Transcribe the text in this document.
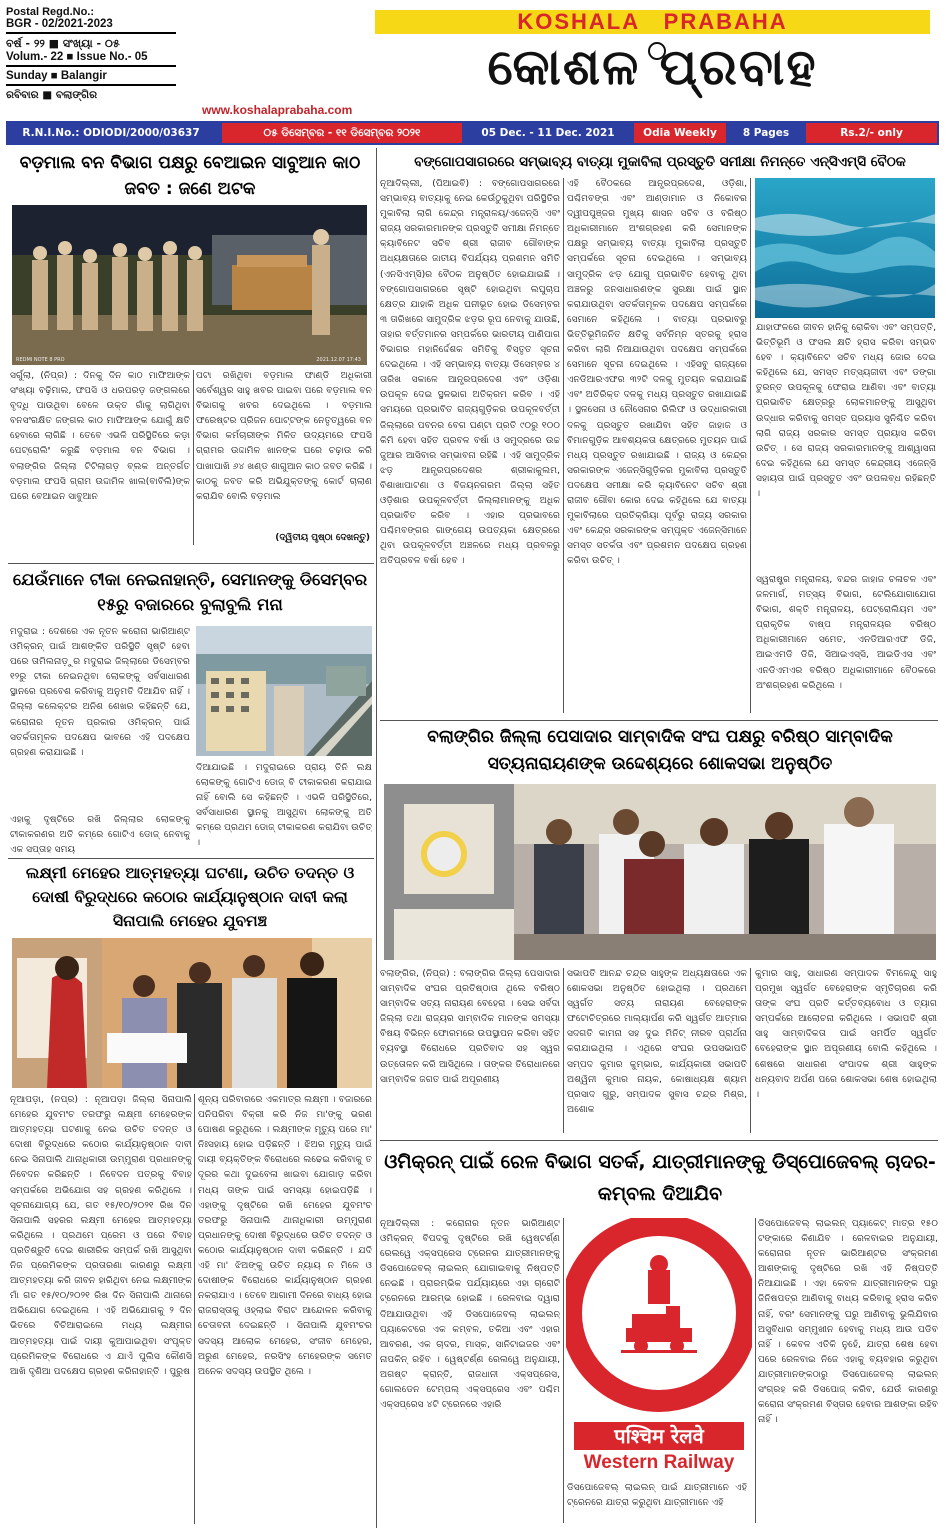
Postal Regd.No.:
BGR - 02/2021-2023
ବର୍ଷ - ୨୨ ■ ସଂଖ୍ୟା - ୦୫
Volum.- 22 ■ Issue No.- 05
Sunday ■ Balangir
ରବିବାର ■ ବଲାଙ୍ଗିର
KOSHALA   PRABAHA
କୋଶଳ ପ୍ରବାହ
www.koshalaprabaha.com
R.N.I.No.: ODIODI/2000/03637	୦୫ ଡିସେମ୍ବର - ୧୧ ଡିସେମ୍ବର ୨୦୨୧	05 Dec. - 11 Dec. 2021	Odia Weekly	8 Pages	Rs.2/- only
ବଡ଼ମାଲ ବନ ବିଭାଗ ପକ୍ଷରୁ ବେଆଇନ ସାବୁଆନ କାଠ ଜବତ : ଜଣେ ଅଟକ
REDMI NOTE 8 PRO	2021.12.07 17:43
ସର୍ଗୁଲା, (ନିପ୍ର) : ଦିନକୁ ଦିନ କାଠ ମାଫିଆଙ୍କ ସଂଖ୍ୟା ବଢ଼ିମାଲ, ଫପସି ଓ ଧରପରଡ଼ ଜଙ୍ଗଲରେ ବୃଦ୍ଧି ପାଉଥିବା ବେଳେ ଉକ୍ତ ଗାଁକୁ ଲାଗିଥିବା ବନସଂରକ୍ଷିତ ଜଙ୍ଗଲ କାଠ ମାଫିଆଙ୍କ ଯୋଗୁଁ କ୍ଷତି ହେବାରେ ଲାଗିଛି । ତେବେ ଏଭଳି ପରିସ୍ଥିତିରେ କଡ଼ା ପେଟ୍ରୋଲିଂ କରୁଛି ବଡ଼ମାଲ ବନ ବିଭାଗ । ବଲାଙ୍ଗିର ଜିଲ୍ଲା ଟିଟିଲାଗଡ଼ ବ୍ଲକ ଅନ୍ତର୍ଗତ ବଡ଼ମାଲ ଫପସି ଗ୍ରାମ ଉଦ୍ଦାମିଳ ଖାଲ(ବାବିଲି)ଙ୍କ ଘରେ ବେଆଇନ ସାବୁଆନ
ପଟା ରଖିଥିବା ବଡ଼ମାଲ ଫାଣ୍ଡି ଅଧିକାରୀ ସର୍ବେଶ୍ୱର ସାହୁ ଖବର ପାଇବା ପରେ ବଡ଼ମାଲ ବନ ବିଭାଗକୁ ଖବର ଦେଇଥିଲେ । ବଡ଼ମାଲ ଫରେଷ୍ଟର ପ୍ରିଜନ ପୋଟ୍ଟଙ୍କ ନେତୃତ୍ୱରେ ବନ ବିଭାଗ କର୍ମଚାରୀଙ୍କ ମିଳିତ ଉଦ୍ୟମରେ ଫପସି ଗ୍ରାମର ଉଦ୍ଦାମିଳ ଖାନଙ୍କ ଘରେ ଚଢ଼ାଉ କରି ପାଖାପାଖି ୬୪ ଖଣ୍ଡ ଶାଗୁଆନ କାଠ ଜବତ କରିଛି । କାଠକୁ ଜବତ କରି ଅଭିଯୁକ୍ତଙ୍କୁ କୋର୍ଟ ଚାଲାଣ କରାଯିବ ବୋଲି ବଡ଼ମାଲ
(ଦ୍ୱିତୀୟ ପୃଷ୍ଠା ଦେଖନ୍ତୁ)
ଯେଉଁମାନେ ଟୀକା ନେଇନାହାନ୍ତି, ସେମାନଙ୍କୁ ଡିସେମ୍ବର ୧୫ରୁ ବଜାରରେ ବୁଲାବୁଲି ମନା
ମଦୁରାଇ : ଦେଶରେ ଏକ ନୂତନ କରୋନା ଭାରିଆଣ୍ଟ ଓମିକ୍ରନ୍ ପାଇଁ ଆଶଙ୍କିତ ପରିସ୍ଥିତି ସୃଷ୍ଟି ହେବା ପରେ ତାମିଲନାଡ଼ୁର ମଦୁରାଇ ଜିଲ୍ଲାରେ ଡିସେମ୍ବର ୧୨ରୁ ଟୀକା ନେଇନଥିବା ଲୋକଙ୍କୁ ସର୍ବସାଧାରଣ ସ୍ଥାନରେ ପ୍ରବେଶ କରିବାକୁ ଅନୁମତି ଦିଆଯିବ ନାହିଁ । ଜିଲ୍ଲା କଲେକ୍ଟର ଅନିଶ ଶେଖର କହିଛନ୍ତି ଯେ, କରୋନାର ନୂତନ ପ୍ରକାର ଓମିକ୍ରନ୍ ପାଇଁ ସତର୍କତାମୂଳକ ପଦକ୍ଷେପ ଭାବରେ ଏହି ପଦକ୍ଷେପ ଗ୍ରହଣ କରାଯାଇଛି ।
ଦିଆଯାଇଛି । ମଦୁରାଇରେ ପ୍ରାୟ ତିନି ଲକ୍ଷ ଲୋକଙ୍କୁ ଗୋଟିଏ ଡୋଜ୍ ବି ଟୀକାକରଣ କରାଯାଇ ନାହିଁ ବୋଲି ସେ କହିଛନ୍ତି । ଏଭଳି ପରିସ୍ଥିତିରେ, ସର୍ବସାଧାରଣ ସ୍ଥାନକୁ ଆସୁଥିବା ଲୋକଙ୍କୁ ଅତି କମ୍‌ରେ ପ୍ରଥମ ଡୋଜ୍ ଟୀକାକରଣ କରାଯିବା ଉଚିତ୍ ।
ଏହାକୁ ଦୃଷ୍ଟିରେ ରଖି ଜିଲ୍ଲାର ଲୋକଙ୍କୁ ଟୀକାକରଣର ଅତି କମ୍‌ରେ ଗୋଟିଏ ଡୋଜ୍ ନେବାକୁ ଏକ ସପ୍ତାହ ସମୟ
ଲକ୍ଷ୍ମୀ ମେହେର ଆତ୍ମହତ୍ୟା ଘଟଣା, ଉଚିତ ତଦନ୍ତ ଓ ଦୋଷୀ ବିରୁଦ୍ଧରେ କଠୋର କାର୍ଯ୍ୟାନୁଷ୍ଠାନ ଦାବୀ କଲା ସିନାପାଲି ମେହେର ଯୁବମଞ୍ଚ
ନୂଆପଡ଼ା, (ନପ୍ର) : ନୂଆପଡ଼ା ଜିଲ୍ଲା ସିନାପାଲି ମେହେର ଯୁବମଂଚ ତରଫରୁ ଲକ୍ଷ୍ମୀ ମେହେରଙ୍କ ଆତ୍ମହତ୍ୟା ଘଟଣାକୁ ନେଇ ଉଚିତ ତଦନ୍ତ ଓ ଦୋଷୀ ବିରୁଦ୍ଧରେ କଠୋର କାର୍ଯ୍ୟାନୁଷ୍ଠାନ ଦାବୀ ନେଇ ସିନାପାଲି ଥାନାଧିକାରୀ ଉମ୍ମୁରାଣ ପ୍ରଧାନଙ୍କୁ ନିବେଦନ କରିଛନ୍ତି । ନିବେଦନ ପତ୍ରକୁ ବିବାହ ସମ୍ପର୍କରେ ଅଭିଯୋଗ ସହ ଗ୍ରହଣ କରିଥିଲେ । ସୂଚନାଯୋଗ୍ୟ ଯେ, ଗତ ୧୫/୧୦/୨୦୨୧ ରିଖ ଦିନ ସିନାପାଲି ସହରର ଲକ୍ଷ୍ମୀ ମେହେର ଆତ୍ମହତ୍ୟା କରିଥିଲେ । ପ୍ରଥମେ ପ୍ରେମ ଓ ପରେ ବିବାହ ପ୍ରତିଶ୍ରୁତି ଦେଇ ଶାରୀରିକ ସମ୍ପର୍କ ରଖି ଆସୁଥିବା ନିଜ ପ୍ରେମିକଙ୍କ ପ୍ରତାରଣା କାରଣରୁ ଲକ୍ଷ୍ମୀ ଆତ୍ମହତ୍ୟା କରି ଜୀବନ ହାରିଥିବା ନେଇ ଲକ୍ଷ୍ମୀଙ୍କ ମାଁ ଗତ ୧୫/୧୦/୨୦୨୧ ରିଖ ଦିନ ସିନାପାଲି ଥାନାରେ ଅଭିଯୋଗ ଦେଇଥିଲେ । ଏହି ଅଭିଯୋଗକୁ ୨ ଦିନ ଭିତରେ ବିଚିଆରାଇଲେ ମଧ୍ୟ ଲକ୍ଷ୍ମୀର ଆତ୍ମହତ୍ୟା ପାଇଁ ଦାୟୀ କୁଆପାଇଥିବା ସଂପୃକ୍ତ ପ୍ରେମିକଙ୍କ ବିରୋଧରେ ଏ ଯାଏଁ ପୁଲିସ କୌଣସି ଆଖି ଦୃଶିଆ ପଦକ୍ଷେପ ଗ୍ରହଣ କରିନାହାନ୍ତି । ପୁରୁଷ
ଶୂନ୍ୟ ପରିବାରରେ ଏକମାତ୍ର ଲକ୍ଷ୍ମୀ । ବଜାରରେ ପନିପରିବା ବିକ୍ରୀ କରି ନିଜ ମା'ଙ୍କୁ ଭରଣ ପୋଷଣ କରୁଥିଲେ । ଲକ୍ଷ୍ମୀଙ୍କ ମୃତ୍ୟୁ ପରେ ମା' ନିଃସହାୟ ହୋଇ ପଡ଼ିଛନ୍ତି । ଝିଅର ମୃତ୍ୟୁ ପାଇଁ ଦାୟୀ ବ୍ୟକ୍ତିଙ୍କ ବିରୋଧରେ ଲଢେଇ କରିବାକୁ ତ ଦୂରର କଥା ଦୁଇବେଳା ଖାଇବା ଯୋଗାଡ଼ କରିବା ମଧ୍ୟ ତାଙ୍କ ପାଇଁ ସମସ୍ୟା ହୋଇପଡ଼ିଛି । ଏହାଙ୍କୁ ଦୃଷ୍ଟିରେ ରଖି ମେହେର ଯୁବମଂଚ ତରଫରୁ ସିନାପାଲି ଥାନାଧିକାରୀ ଉମ୍ମୁରାଣ ପ୍ରଧାନଙ୍କୁ ଦୋଷୀ ବିରୁଦ୍ଧରେ ଉଚିତ ତଦନ୍ତ ଓ କଠୋର କାର୍ଯ୍ୟାନୁଷ୍ଠାନ ଦାବୀ କରିଛନ୍ତି । ଯଦି ଏହି ମା' ଝିଅଙ୍କୁ ଉଚିତ ନ୍ୟାୟ ନ ମିଳେ ଓ ଦୋଷୀଙ୍କ ବିରୋଧରେ କାର୍ଯ୍ୟାନୁଷ୍ଠାନ ଗ୍ରହଣ ନକରାଯାଏ । ତେବେ ଆଗାମୀ ଦିନରେ ବାଧ୍ୟ ହୋଇ ରାଜରାସ୍ତାକୁ ଓହ୍ଲାଇ ବିରାଟ ଆନ୍ଦୋଳନ କରିବାକୁ ଚେତାବନୀ ଦେଇଛନ୍ତି । ସିନାପାଲି ଯୁବମଂଚର ସଦସ୍ୟ ଆଲୋକ ମେହେର, ସଂଜୀବ ମେହେର, ଅରୁଣ ମେହେର, ନରସିଂହ ମେହେରଙ୍କ ସମେତ ଅନେକ ସଦସ୍ୟ ଉପସ୍ଥିତ ଥିଲେ ।
ବଙ୍ଗୋପସାଗରରେ ସମ୍ଭାବ୍ୟ ବାତ୍ୟା ମୁକାବିଲା ପ୍ରସ୍ତୁତି ସମୀକ୍ଷା ନିମନ୍ତେ ଏନ୍‌ସିଏମ୍‌ସି ବୈଠକ
ନୂଆଦିଲ୍ଲୀ, (ପିଆଇବି) : ବଙ୍ଗୋପସାଗରରେ ସମ୍ଭାବ୍ୟ ବାତ୍ୟାକୁ ନେଇ କେଉଁଠୁକୁଥିବା ପରିସ୍ଥିତିର ମୁକାବିଲା ଲାଗି କେନ୍ଦ୍ର ମନ୍ତ୍ରାଳୟ/ଏଜେନ୍ସି ଏବଂ ରାଜ୍ୟ ସରକାରମାନଙ୍କ ପ୍ରସ୍ତୁତି ସମୀକ୍ଷା ନିମନ୍ତେ କ୍ୟାବିନେଟ ସଚିବ ଶ୍ରୀ ରାଜୀବ ଗୌବାଙ୍କ ଅଧ୍ୟକ୍ଷତାରେ ଜାତୀୟ ବିପର୍ଯ୍ୟୟ ପ୍ରଶମନ ସମିତି (ଏନସିଏମ୍‌ସି)ର ବୈଠକ ଅନୁଷ୍ଠିତ ହୋଇଯାଇଛି । ବଙ୍ଗୋପସାଗରରେ ସୃଷ୍ଟି ହୋଇଥିବା ଲଘୁଚାପ କ୍ଷେତ୍ର ଯାହାକି ଅଧିକ ଘନୀଭୂତ ହୋଇ ଡିସେମ୍ବର ୩ ତାରିଖରେ ସାମୁଦ୍ରିକ ଝଡ଼ର ରୂପ ନେବାକୁ ଯାଉଛି, ତାହାର ବର୍ତ୍ତମାନର ସମ୍ପର୍କରେ ଭାରତୀୟ ପାଣିପାଗ ବିଭାଗର ମହାନିର୍ଦ୍ଦେଶକ ସମିତିକୁ ବିସ୍ତୃତ ସୂଚନା ଦେଇଥିଲେ । ଏହି ସମ୍ଭାବ୍ୟ ବାତ୍ୟା ଡିସେମ୍ବର ୪ ତାରିଖ ସକାଳେ ଆନ୍ଧ୍ରପ୍ରଦେଶ ଏବଂ ଓଡ଼ିଶା ଉପକୂଳ ଦେଇ ସ୍ଥଳଭାଗ ଅତିକ୍ରମ କରିବ । ଏହି ସମୟରେ ପ୍ରଭାବିତ ରାଜ୍ୟଗୁଡ଼ିକର ଉପକୂଳବର୍ତ୍ତୀ ଜିଲ୍ଲାରେ ପବନର ବେଗ ଘଣ୍ଟା ପ୍ରତି ୯୦ରୁ ୧୦୦ କିମି ହେବା ସହିତ ପ୍ରବଳ ବର୍ଷା ଓ ସମୁଦ୍ରରେ ଉଚ୍ଚ ଜୁଆର ଆସିବାର ସମ୍ଭାବନା ରହିଛି । ଏହି ସାମୁଦ୍ରିକ ଝଡ଼ ଆନ୍ଧ୍ରପ୍ରଦେଶର ଶ୍ରୀକାକୁଲମ, ବିଶାଖାପାଟଣା ଓ ବିଜୟନଗରମ ଜିଲ୍ଲା ସହିତ ଓଡ଼ିଶାର ଉପକୂଳବର୍ତ୍ତୀ ଜିଲ୍ଲାମାନଙ୍କୁ ଅଧିକ ପ୍ରଭାବିତ କରିବ । ଏହାର ପ୍ରଭାବରେ ପଶ୍ଚିମବଙ୍ଗର ଗାଙ୍ଗେୟ ଉପତ୍ୟକା କ୍ଷେତ୍ରରେ ଥିବା ଉପକୂଳବର୍ତ୍ତୀ ଅଞ୍ଚଳରେ ମଧ୍ୟ ପ୍ରବଳରୁ ଅତିପ୍ରବଳ ବର୍ଷା ହେବ ।
ଏହି ବୈଠକରେ ଆନ୍ଧ୍ରପ୍ରଦେଶ, ଓଡ଼ିଶା, ପଶ୍ଚିମବଙ୍ଗ ଏବଂ ଆଣ୍ଡାମାନ ଓ ନିକୋବର ଦ୍ୱୀପପୁଞ୍ଜର ମୁଖ୍ୟ ଶାସନ ସଚିବ ଓ ବରିଷ୍ଠ ଅଧିକାରୀମାନେ ଅଂଶଗ୍ରହଣ କରି ସେମାନଙ୍କ ପକ୍ଷରୁ ସମ୍ଭାବ୍ୟ ବାତ୍ୟା ମୁକାବିଲା ପ୍ରସ୍ତୁତି ସମ୍ପର୍କରେ ସୂଚନା ଦେଇଥିଲେ । ସମ୍ଭାବ୍ୟ ସାମୁଦ୍ରିକ ଝଡ଼ ଯୋଗୁ ପ୍ରଭାବିତ ହେବାକୁ ଥିବା ଅଞ୍ଚଳରୁ ଜନସାଧାରଣଙ୍କ ସୁରକ୍ଷା ପାଇଁ ସ୍ଥାନ କରାଯାଉଥିବା ସତର୍କତାମୂଳକ ପଦକ୍ଷେପ ସମ୍ପର୍କରେ ସେମାନେ କହିଥିଲେ । ବାତ୍ୟା ପ୍ରଭାବରୁ ଭିତ୍ତିଭୂମିଜନିତ କ୍ଷତିକୁ ସର୍ବନିମ୍ନ ସ୍ତରକୁ ହ୍ରାସ କରିବା ଲାଗି ନିଆଯାଉଥିବା ପଦକ୍ଷେପ ସମ୍ପର୍କରେ ସେମାନେ ସୂଚନା ଦେଇଥିଲେ । ଏହିସବୁ ରାଜ୍ୟରେ ଏନଡିଆରଏଫର ୩୨ଟି ଦଳକୁ ମୁତୟନ କରାଯାଇଛି ଏବଂ ଅତିରିକ୍ତ ଦଳକୁ ମଧ୍ୟ ପ୍ରସ୍ତୁତ ରଖାଯାଇଛି । ସ୍ଥଳସେନା ଓ ନୌସେନାର ରିଲିଫ ଓ ଉଦ୍ଧାରକାରୀ ଦଳକୁ ପ୍ରସ୍ତୁତ ରଖାଯିବା ସହିତ ଜାହାଜ ଓ ବିମାନଗୁଡ଼ିକ ଆବଶ୍ୟକତା କ୍ଷେତ୍ରରେ ମୁତୟନ ପାଇଁ ମଧ୍ୟ ପ୍ରସ୍ତୁତ ରଖାଯାଇଛି । ରାଜ୍ୟ ଓ କେନ୍ଦ୍ର ସରକାରଙ୍କ ଏଜେନ୍ସିଗୁଡ଼ିକର ମୁକାବିଲା ପ୍ରସ୍ତୁତି ପଦକ୍ଷେପ ସମୀକ୍ଷା କରି କ୍ୟାବିନେଟ ସଚିବ ଶ୍ରୀ ରାଜୀବ ଗୌବା କୋର ଦେଇ କହିଥିଲେ ଯେ ବାତ୍ୟା ମୁକାବିଲାରେ ପ୍ରତିକ୍ରିୟା ପୂର୍ବରୁ ରାଜ୍ୟ ସରକାର ଏବଂ କେନ୍ଦ୍ର ସରକାରଙ୍କ ସମ୍ପୃକ୍ତ ଏଜେନ୍ସିମାନେ ସମସ୍ତ ସତର୍କତା ଏବଂ ପ୍ରଶମନ ପଦକ୍ଷେପ ଗ୍ରହଣ କରିବା ଉଚିତ୍ ।
ଯାହାଫଳରେ ଜୀବନ ହାନିକୁ ରୋକିବା ଏବଂ ସମ୍ପତ୍ତି, ଭିତ୍ତିଭୂମି ଓ ଫସଲ କ୍ଷତି ହ୍ରାସ କରିବା ସମ୍ଭବ ହେବ । କ୍ୟାବିନେଟ ସଚିବ ମଧ୍ୟ ଜୋର ଦେଇ କହିଥିଲେ ଯେ, ସମସ୍ତ ମତ୍ସ୍ୟଜୀବୀ ଏବଂ ଡଙ୍ଗା ତୁରନ୍ତ ଉପକୂଳକୁ ଫେରାଇ ଆଣିବା ଏବଂ ବାତ୍ୟା ପ୍ରଭାବିତ କ୍ଷେତ୍ରରୁ ଲୋକମାନଙ୍କୁ ଆସୁଥିବା ଉଦ୍ଧାର କରିବାକୁ ସମସ୍ତ ପ୍ରୟାସ ସୁନିଶ୍ଚିତ କରିବା ଲାଗି ରାଜ୍ୟ ସରକାର ସମସ୍ତ ପ୍ରୟାସ କରିବା ଉଚିତ୍ । ସେ ରାଜ୍ୟ ସରକାରମାନଙ୍କୁ ଆଶ୍ୱାସନା ଦେଇ କହିଥିଲେ ଯେ ସମସ୍ତ କେନ୍ଦ୍ରୀୟ ଏଜେନ୍ସି ସହାୟତା ପାଇଁ ପ୍ରସ୍ତୁତ ଏବଂ ଉପଲବ୍ଧ ରହିଛନ୍ତି ।
ସ୍ୱରାଷ୍ଟ୍ର ମନ୍ତ୍ରାଳୟ, ବନ୍ଦର ଜାହାଜ ଚଳାଚଳ ଏବଂ ଜଳମାର୍ଗ, ମତ୍ସ୍ୟ ବିଭାଗ, ଟେଲିଯୋଗାଯୋଗ ବିଭାଗ, ଶକ୍ତି ମନ୍ତ୍ରାଳୟ, ପେଟ୍ରୋଲିୟମ ଏବଂ ପ୍ରାକୃତିକ ବାଷ୍ପ ମନ୍ତ୍ରାଳୟର ବରିଷ୍ଠ ଅଧିକାରୀମାନେ ସମେତ, ଏନଡିଆରଏଫ ଡିଜି, ଆଇଏମଡି ଡିଜି, ସିଆଇଏସ୍‌ସି, ଆଇଡିଏସ ଏବଂ ଏନଡିଏମଏର ବରିଷ୍ଠ ଅଧିକାରୀମାନେ ବୈଠକରେ ଅଂଶଗ୍ରହଣ କରିଥିଲେ ।
ବଲାଙ୍ଗିର ଜିଲ୍ଲା ପେସାଦାର ସାମ୍ବାଦିକ ସଂଘ ପକ୍ଷରୁ ବରିଷ୍ଠ ସାମ୍ବାଦିକ ସତ୍ୟନାରାୟଣଙ୍କ ଉଦ୍ଦେଶ୍ୟରେ ଶୋକସଭା ଅନୁଷ୍ଠିତ
ବଲାଙ୍ଗିର, (ନିପ୍ର) : ବଲାଙ୍ଗିର ଜିଲ୍ଲା ପେସାଦାର ସାମ୍ବାଦିକ ସଂଘର ପ୍ରତିଷ୍ଠାତା ଥିଲେ ବରିଷ୍ଠ ସାମ୍ବାଦିକ ସତ୍ୟ ନାରାୟଣ ବେହେରା । ସେଇ ସର୍ବଦା ଜିଲ୍ଲା ତଥା ରାଜ୍ୟର ସାମ୍ବାଦିକ ମାନଙ୍କ ସମସ୍ୟା ବିଷୟ ବିଭିନ୍ନ ଫୋରମରେ ଉପସ୍ଥାପନ କରିବା ସହିତ ବ୍ୟବସ୍ଥା ବିରୋଧରେ ପ୍ରତିବାଦ ସହ ସ୍ୱର ଉତ୍ତୋଳନ କରି ଆସିଥିଲେ । ତାଙ୍କର ତିରୋଧାନରେ ସାମ୍ବାଦିକ ଜଗତ ପାଇଁ ଅପୂରଣୀୟ
ସଭାପତି ଆନନ୍ଦ ଚନ୍ଦ୍ର ସାହୁଙ୍କ ଅଧ୍ୟକ୍ଷତାରେ ଏକ ଶୋକସଭା ଅନୁଷ୍ଠିତ ହୋଇଥିଲା । ପ୍ରଥମେ ସ୍ୱର୍ଗତ ସତ୍ୟ ନାରାୟଣ ବେହେରାଙ୍କ ଫଟୋଚିତ୍ରରେ ମାଲ୍ୟାର୍ପଣ କରି ସ୍ୱର୍ଗତ ଆତ୍ମାର ସଦଗତି କାମନା ସହ ଦୁଇ ମିନିଟ୍ ନୀରବ ପ୍ରାର୍ଥନା କରାଯାଇଥିଲା । ଏଥିରେ ସଂଘର ଉପସଭାପତି ସମ୍ପଦ କୁମାର କୁମ୍ଭାର, କାର୍ଯ୍ୟକାରୀ ସଭାପତି ଅଶ୍ୱିନୀ କୁମାର ନାୟକ, କୋଷାଧ୍ୟକ୍ଷ ଶ୍ୟାମ ପ୍ରସାଦ ଗୁରୁ, ସମ୍ପାଦକ ସୁବାସ ଚନ୍ଦ୍ର ମିଶ୍ର, ଅଶୋକ
କୁମାର ସାହୁ, ସାଧାରଣ ସମ୍ପାଦକ ବିମଳେନ୍ଦୁ ସାହୁ ପ୍ରମୁଖ ସ୍ୱର୍ଗତ ବେହେରାଙ୍କ ସ୍ମୃତିଚାରଣ କରି ତାଙ୍କ ସଂଘ ପ୍ରତି କର୍ତ୍ତବ୍ୟବୋଧ ଓ ତ୍ୟାଗ ସମ୍ପର୍କରେ ଆଲୋଚନା କରିଥିଲେ । ସଭାପତି ଶ୍ରୀ ସାହୁ ସାମ୍ବାଦିକତା ପାଇଁ ସମର୍ପିତ ସ୍ୱର୍ଗତ ବେହେରାଙ୍କ ସ୍ଥାନ ଅପୂରଣୀୟ ବୋଲି କହିଥିଲେ । ଶେଷରେ ସାଧାରଣ ସଂପାଦକ ଶ୍ରୀ ସାହୁଙ୍କ ଧନ୍ୟବାଦ ଅର୍ପଣ ପରେ ଶୋକସଭା ଶେଷ ହୋଇଥିଲା ।
ଓମିକ୍ରନ୍ ପାଇଁ ରେଳ ବିଭାଗ ସତର୍କ, ଯାତ୍ରୀମାନଙ୍କୁ ଡିସ୍‌ପୋଜେବଲ୍ ଚାଦର-କମ୍ବଲ ଦିଆଯିବ
ନୂଆଦିଲ୍ଲୀ : କରୋନାର ନୂତନ ଭାରିଆଣ୍ଟ ଓମିକ୍ରନ୍ ବିପଦକୁ ଦୃଷ୍ଟିରେ ରଖି ୱେଷ୍ଟର୍ଣ୍ଣ ରେଲୱେ ଏକ୍ସପ୍ରେସ ଟ୍ରେନର ଯାତ୍ରୀମାନଙ୍କୁ ଡିସପୋଜେବଲ୍ ଲାଇଲନ୍ ଯୋଗାଇବାକୁ ନିଷ୍ପତ୍ତି ନେଇଛି । ପ୍ରାରମ୍ଭିକ ପର୍ଯ୍ୟାୟରେ ଏହା ଚାରୋଟି ଟ୍ରେନରେ ଆରମ୍ଭ ହୋଇଛି । ରେଳବାଇ ଦ୍ୱାରା ଦିଆଯାଉଥିବା ଏହି ଡିସପୋଜେବଲ୍ ଲାଇଲନ୍ ପ୍ୟାକେଟରେ ଏକ କମ୍ବଳ, ତକିଆ ଏବଂ ଏହାର ଆବରଣ, ଏକ ଚାଦର, ମାସ୍କ, ସାନିଟାଇଜର ଏବଂ ନାପକିନ୍ ରହିବ । ୱେଷ୍ଟର୍ଣ୍ଣ ରେଲୱେ ଅନୁଯାୟୀ, ଅଗଷ୍ଟ କ୍ରାନ୍ତି, ରାଜଧାନୀ ଏକ୍ସପ୍ରେସ, ଗୋଲଡେନ ଟେମ୍ପଲ୍ ଏକ୍ସପ୍ରେସ ଏବଂ ପଶ୍ଚିମ ଏକ୍ସପ୍ରେସ ୪ଟି ଟ୍ରେନରେ ଏହାରି
INDIAN RAILWAYS
भारतीय रेल
पश्चिम रेलवे
Western Railway
ଡିସପୋଜେବଲ୍ ଲାଇଲନ୍ ପାଇଁ ଯାତ୍ରୀମାନେ ଏହି ଟ୍ରେନରେ ଯାତ୍ରା କରୁଥିବା ଯାତ୍ରୀମାନେ ଏହି
ଡିସପୋଜେବଲ୍ ଲାଇଲନ୍ ପ୍ୟାକେଟ୍ ମାତ୍ର ୧୫୦ ଟଙ୍କାରେ କିଣାଯିବ । ରେଳବାଇର ଅନୁଯାୟୀ, କରୋନାର ନୂତନ ଭାରିଆଣ୍ଟର ସଂକ୍ରମଣ ଆଶଙ୍କାକୁ ଦୃଷ୍ଟିରେ ରଖି ଏହି ନିଷ୍ପତ୍ତି ନିଆଯାଇଛି । ଏହା କେବଳ ଯାତ୍ରୀମାନଙ୍କ ଘରୁ ଜିନିଷପତ୍ର ଆଣିବାକୁ ବାଧ୍ୟ କରିବାକୁ ହ୍ରାସ କରିବ ନାହିଁ, ବରଂ ସେମାନଙ୍କୁ ଘରୁ ଆଣିବାକୁ ଭୁଲିଯିବାର ଅସୁବିଧାର ସମ୍ମୁଖୀନ ହେବାକୁ ମଧ୍ୟ ଆଉ ପଡିବ ନାହିଁ । କେବଳ ଏତିକି ନୁହେଁ, ଯାତ୍ରା ଶେଷ ହେବା ପରେ ରେଳବାଇ ନିଜେ ଏହାକୁ ବ୍ୟବହାର କରୁଥିବା ଯାତ୍ରୀମାନଙ୍କଠାରୁ ଡିସପୋଜେବଲ୍ ଲାଇଲନ୍ ସଂଗ୍ରହ କରି ଡିସପୋଜ୍ କରିବ, ଯେଉଁ କାରଣରୁ କରୋନା ସଂକ୍ରମଣ ବିସ୍ତାର ହେବାର ଆଶଙ୍କା ରହିବ ନାହିଁ ।
